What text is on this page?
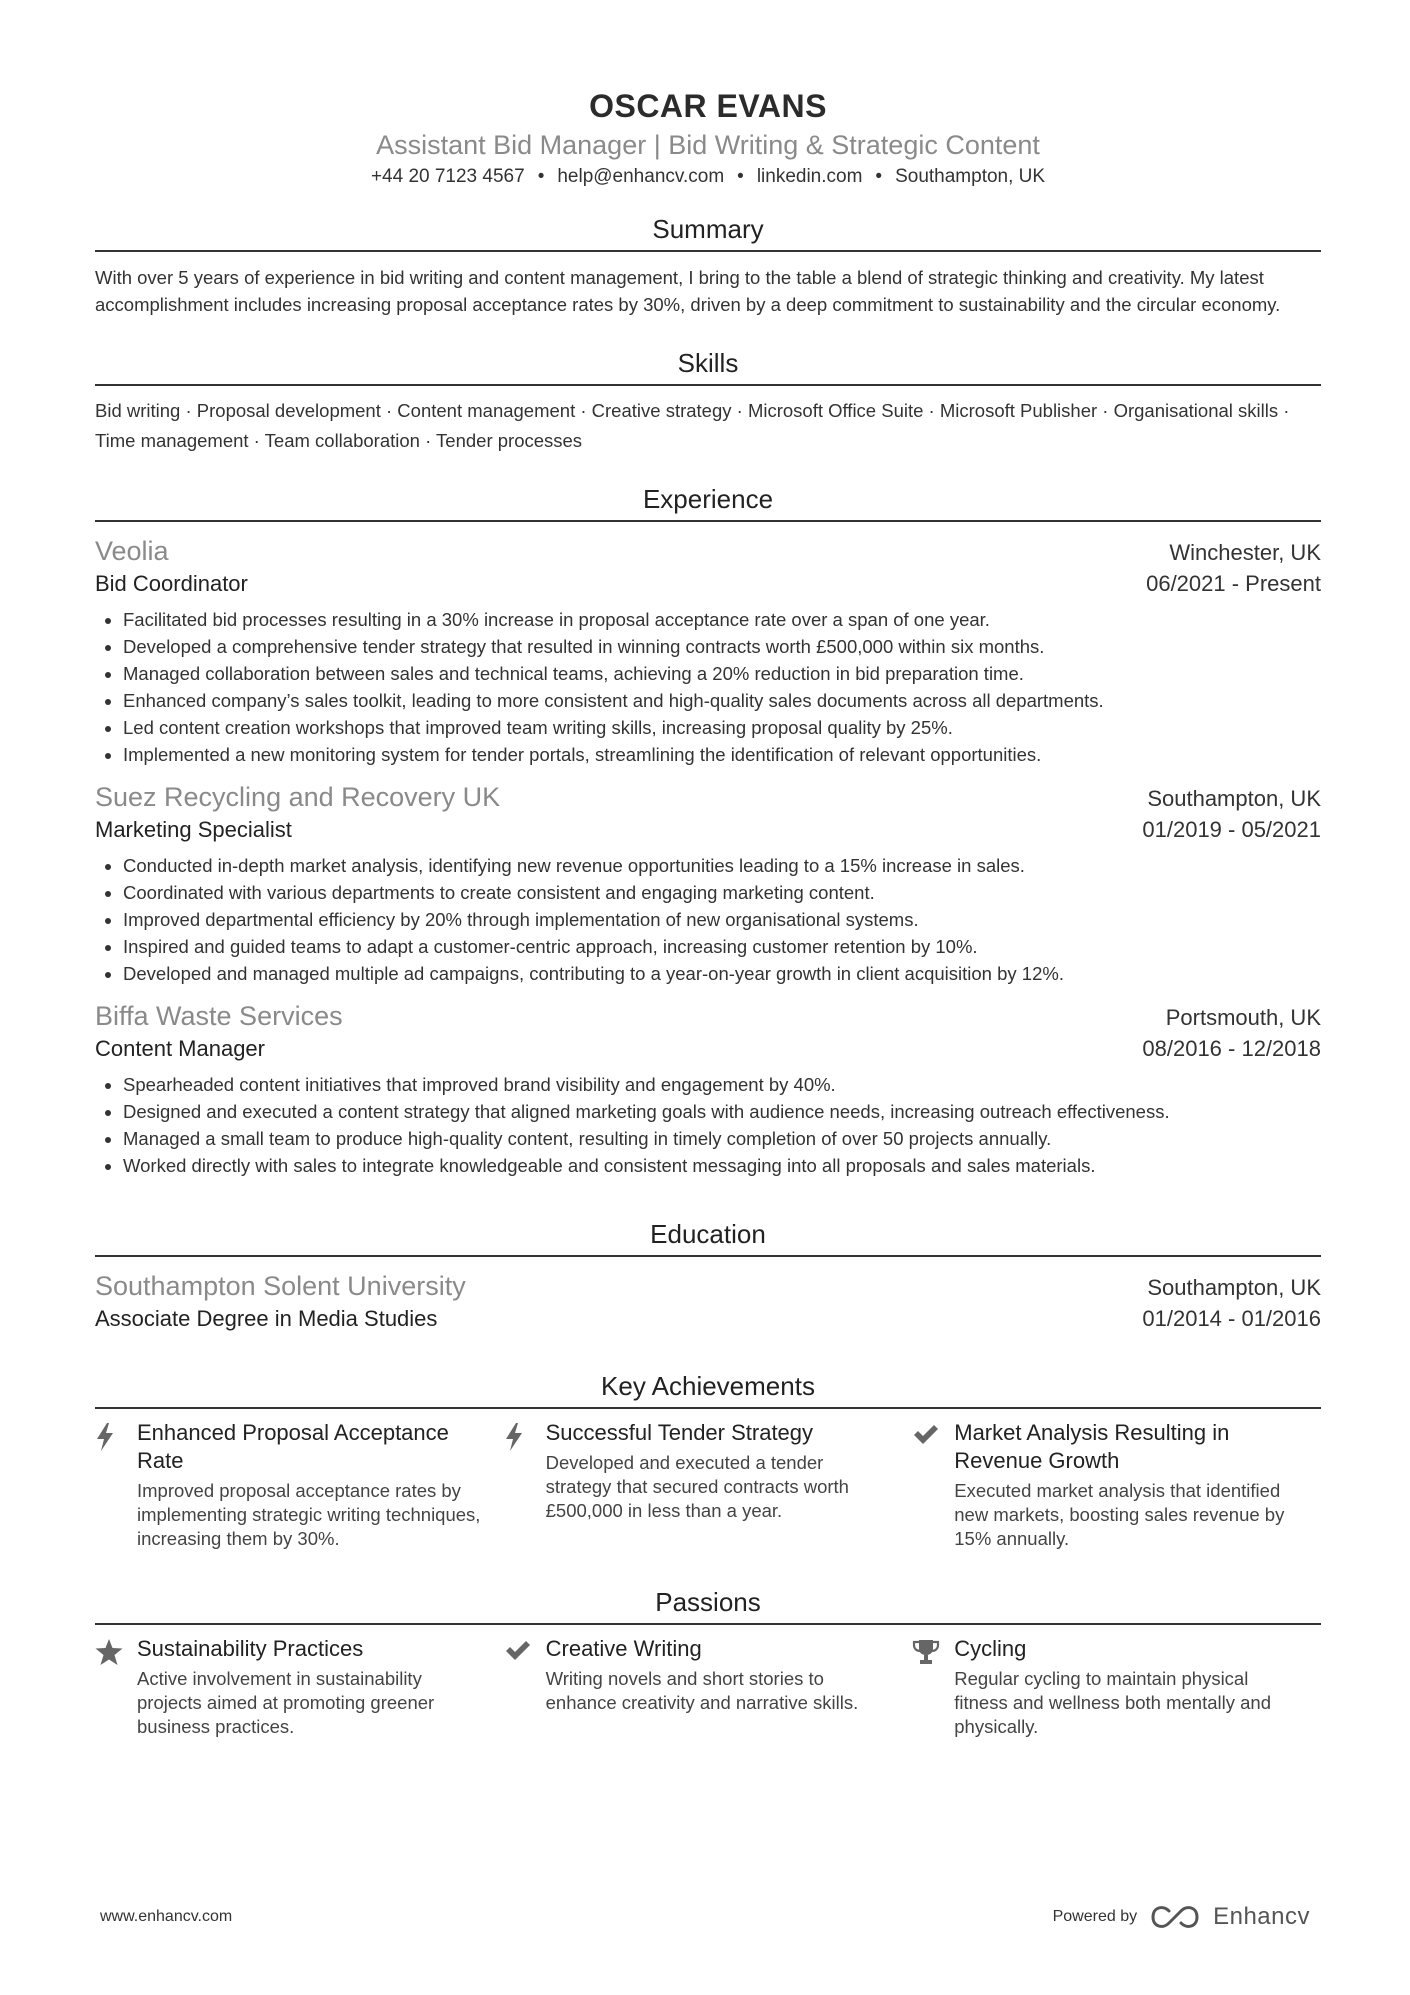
OSCAR EVANS
Assistant Bid Manager | Bid Writing & Strategic Content
+44 20 7123 4567 • help@enhancv.com • linkedin.com • Southampton, UK
Summary
With over 5 years of experience in bid writing and content management, I bring to the table a blend of strategic thinking and creativity. My latest accomplishment includes increasing proposal acceptance rates by 30%, driven by a deep commitment to sustainability and the circular economy.
Skills
Bid writing · Proposal development · Content management · Creative strategy · Microsoft Office Suite · Microsoft Publisher · Organisational skills · Time management · Team collaboration · Tender processes
Experience
Veolia	Winchester, UK
Bid Coordinator	06/2021 - Present
• Facilitated bid processes resulting in a 30% increase in proposal acceptance rate over a span of one year.
• Developed a comprehensive tender strategy that resulted in winning contracts worth £500,000 within six months.
• Managed collaboration between sales and technical teams, achieving a 20% reduction in bid preparation time.
• Enhanced company’s sales toolkit, leading to more consistent and high-quality sales documents across all departments.
• Led content creation workshops that improved team writing skills, increasing proposal quality by 25%.
• Implemented a new monitoring system for tender portals, streamlining the identification of relevant opportunities.
Suez Recycling and Recovery UK	Southampton, UK
Marketing Specialist	01/2019 - 05/2021
• Conducted in-depth market analysis, identifying new revenue opportunities leading to a 15% increase in sales.
• Coordinated with various departments to create consistent and engaging marketing content.
• Improved departmental efficiency by 20% through implementation of new organisational systems.
• Inspired and guided teams to adapt a customer-centric approach, increasing customer retention by 10%.
• Developed and managed multiple ad campaigns, contributing to a year-on-year growth in client acquisition by 12%.
Biffa Waste Services	Portsmouth, UK
Content Manager	08/2016 - 12/2018
• Spearheaded content initiatives that improved brand visibility and engagement by 40%.
• Designed and executed a content strategy that aligned marketing goals with audience needs, increasing outreach effectiveness.
• Managed a small team to produce high-quality content, resulting in timely completion of over 50 projects annually.
• Worked directly with sales to integrate knowledgeable and consistent messaging into all proposals and sales materials.
Education
Southampton Solent University	Southampton, UK
Associate Degree in Media Studies	01/2014 - 01/2016
Key Achievements
Enhanced Proposal Acceptance Rate
Improved proposal acceptance rates by implementing strategic writing techniques, increasing them by 30%.
Successful Tender Strategy
Developed and executed a tender strategy that secured contracts worth £500,000 in less than a year.
Market Analysis Resulting in Revenue Growth
Executed market analysis that identified new markets, boosting sales revenue by 15% annually.
Passions
Sustainability Practices
Active involvement in sustainability projects aimed at promoting greener business practices.
Creative Writing
Writing novels and short stories to enhance creativity and narrative skills.
Cycling
Regular cycling to maintain physical fitness and wellness both mentally and physically.
www.enhancv.com	Powered by	Enhancv
